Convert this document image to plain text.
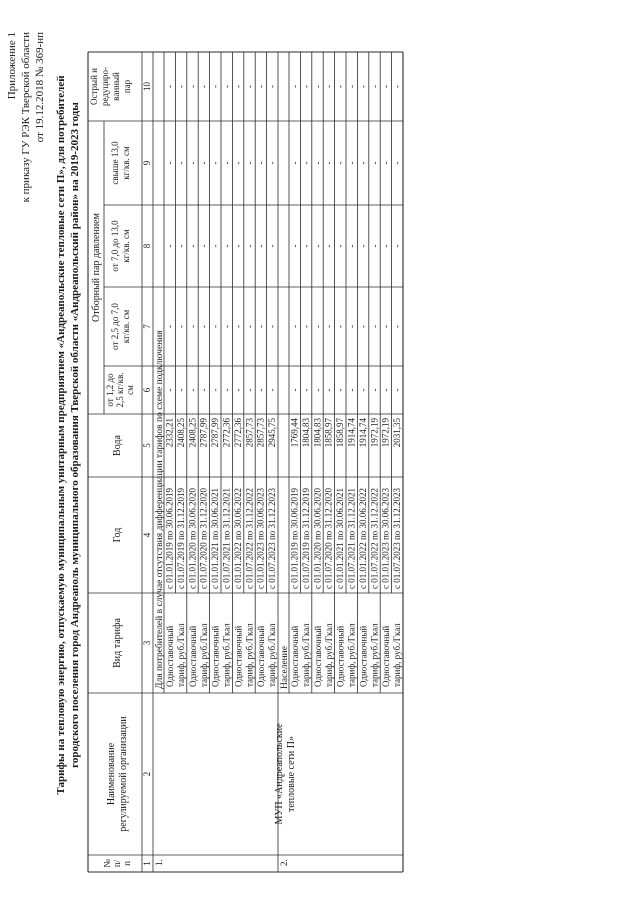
Приложение 1 к приказу ГУ РЭК Тверской области от 19.12.2018 № 369-нп Тарифы на тепловую энергию, отпускаемую муниципальным унитарным предприятием «Андреапольские тепловые сети П», для потребителей городского поселения город Андреаполь муниципального образования Тверской области «Андреапольский район» на 2019-2023 годы
№ п/ п
Наименование регулируемой организации
Вид тарифа
Год
Вода
Отборный пар давлением
от 1,2 до 2,5 кг/кв. см
от 2,5 до 7,0 кг/кв. см
от 7,0 до 13,0 кг/кв. см
свыше 13,0 кг/кв. см
Острый и редуциро- ванный пар
1
2
3
4
5
6
7
8
9
10
1.
Для потребителей в случае отсутствия дифференциации тарифов по схеме подключения с 01.01.2019 по 30.06.2019
2332,21
-
-
-
-
-
с 01.07.2019 по 31.12.2019
2408,25
-
-
-
-
-
с 01.01.2020 по 30.06.2020
2408,25
-
-
-
-
-
с 01.07.2020 по 31.12.2020
2787,99
-
-
-
-
-
с 01.01.2021 по 30.06.2021
2787,99
-
-
-
-
-
с 01.07.2021 по 31.12.2021
2772,36
-
-
-
-
-
с 01.01.2022 по 30.06.2022
2772,36
-
-
-
-
-
с 01.07.2022 по 31.12.2022
2857,73
-
-
-
-
-
с 01.01.2023 по 30.06.2023
2857,73
-
-
-
-
-
с 01.07.2023 по 31.12.2023
2945,75
-
-
-
-
-
Одноставочный тариф, руб./Гкал Одноставочный тариф, руб./Гкал Одноставочный тариф, руб./Гкал Одноставочный тариф, руб./Гкал Одноставочный тариф, руб./Гкал
2.
Население
с 01.01.2019 по 30.06.2019
1769,44
-
-
-
-
-
с 01.07.2019 по 31.12.2019
1804,83
-
-
-
-
-
с 01.01.2020 по 30.06.2020
1804,83
-
-
-
-
-
с 01.07.2020 по 31.12.2020
1858,97
-
-
-
-
-
с 01.01.2021 по 30.06.2021
1858,97
-
-
-
-
-
с 01.07.2021 по 31.12.2021
1914,74
-
-
-
-
-
с 01.01.2022 по 30.06.2022
1914,74
-
-
-
-
-
с 01.07.2022 по 31.12.2022
1972,19
-
-
-
-
-
с 01.01.2023 по 30.06.2023
1972,19
-
-
-
-
-
с 01.07.2023 по 31.12.2023
2031,35
-
-
-
-
-
Одноставочный тариф, руб./Гкал Одноставочный тариф, руб./Гкал Одноставочный тариф, руб./Гкал Одноставочный тариф, руб./Гкал Одноставочный тариф, руб./Гкал
МУП «Андреапольские тепловые сети П»
